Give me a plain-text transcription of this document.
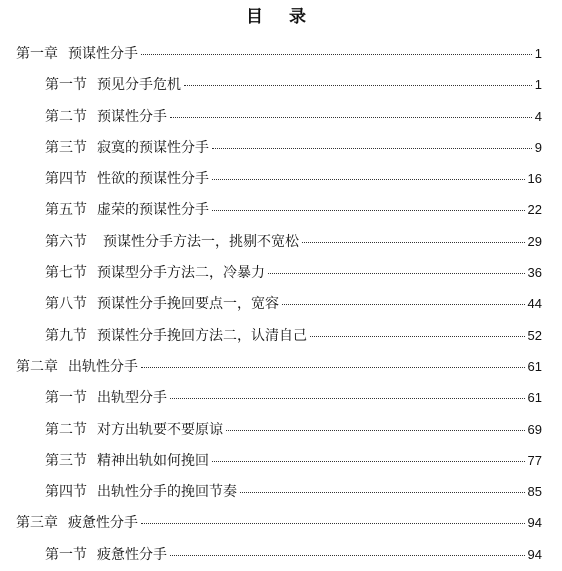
目 录
第一章 预谋性分手	1
第一节 预见分手危机	1
第二节 预谋性分手	4
第三节 寂寞的预谋性分手	9
第四节 性欲的预谋性分手	16
第五节 虚荣的预谋性分手	22
第六节 预谋性分手方法一，挑剔不宽松	29
第七节 预谋型分手方法二，冷暴力	36
第八节 预谋性分手挽回要点一，宽容	44
第九节 预谋性分手挽回方法二，认清自己	52
第二章 出轨性分手	61
第一节 出轨型分手	61
第二节 对方出轨要不要原谅	69
第三节 精神出轨如何挽回	77
第四节 出轨性分手的挽回节奏	85
第三章 疲惫性分手	94
第一节 疲惫性分手	94
